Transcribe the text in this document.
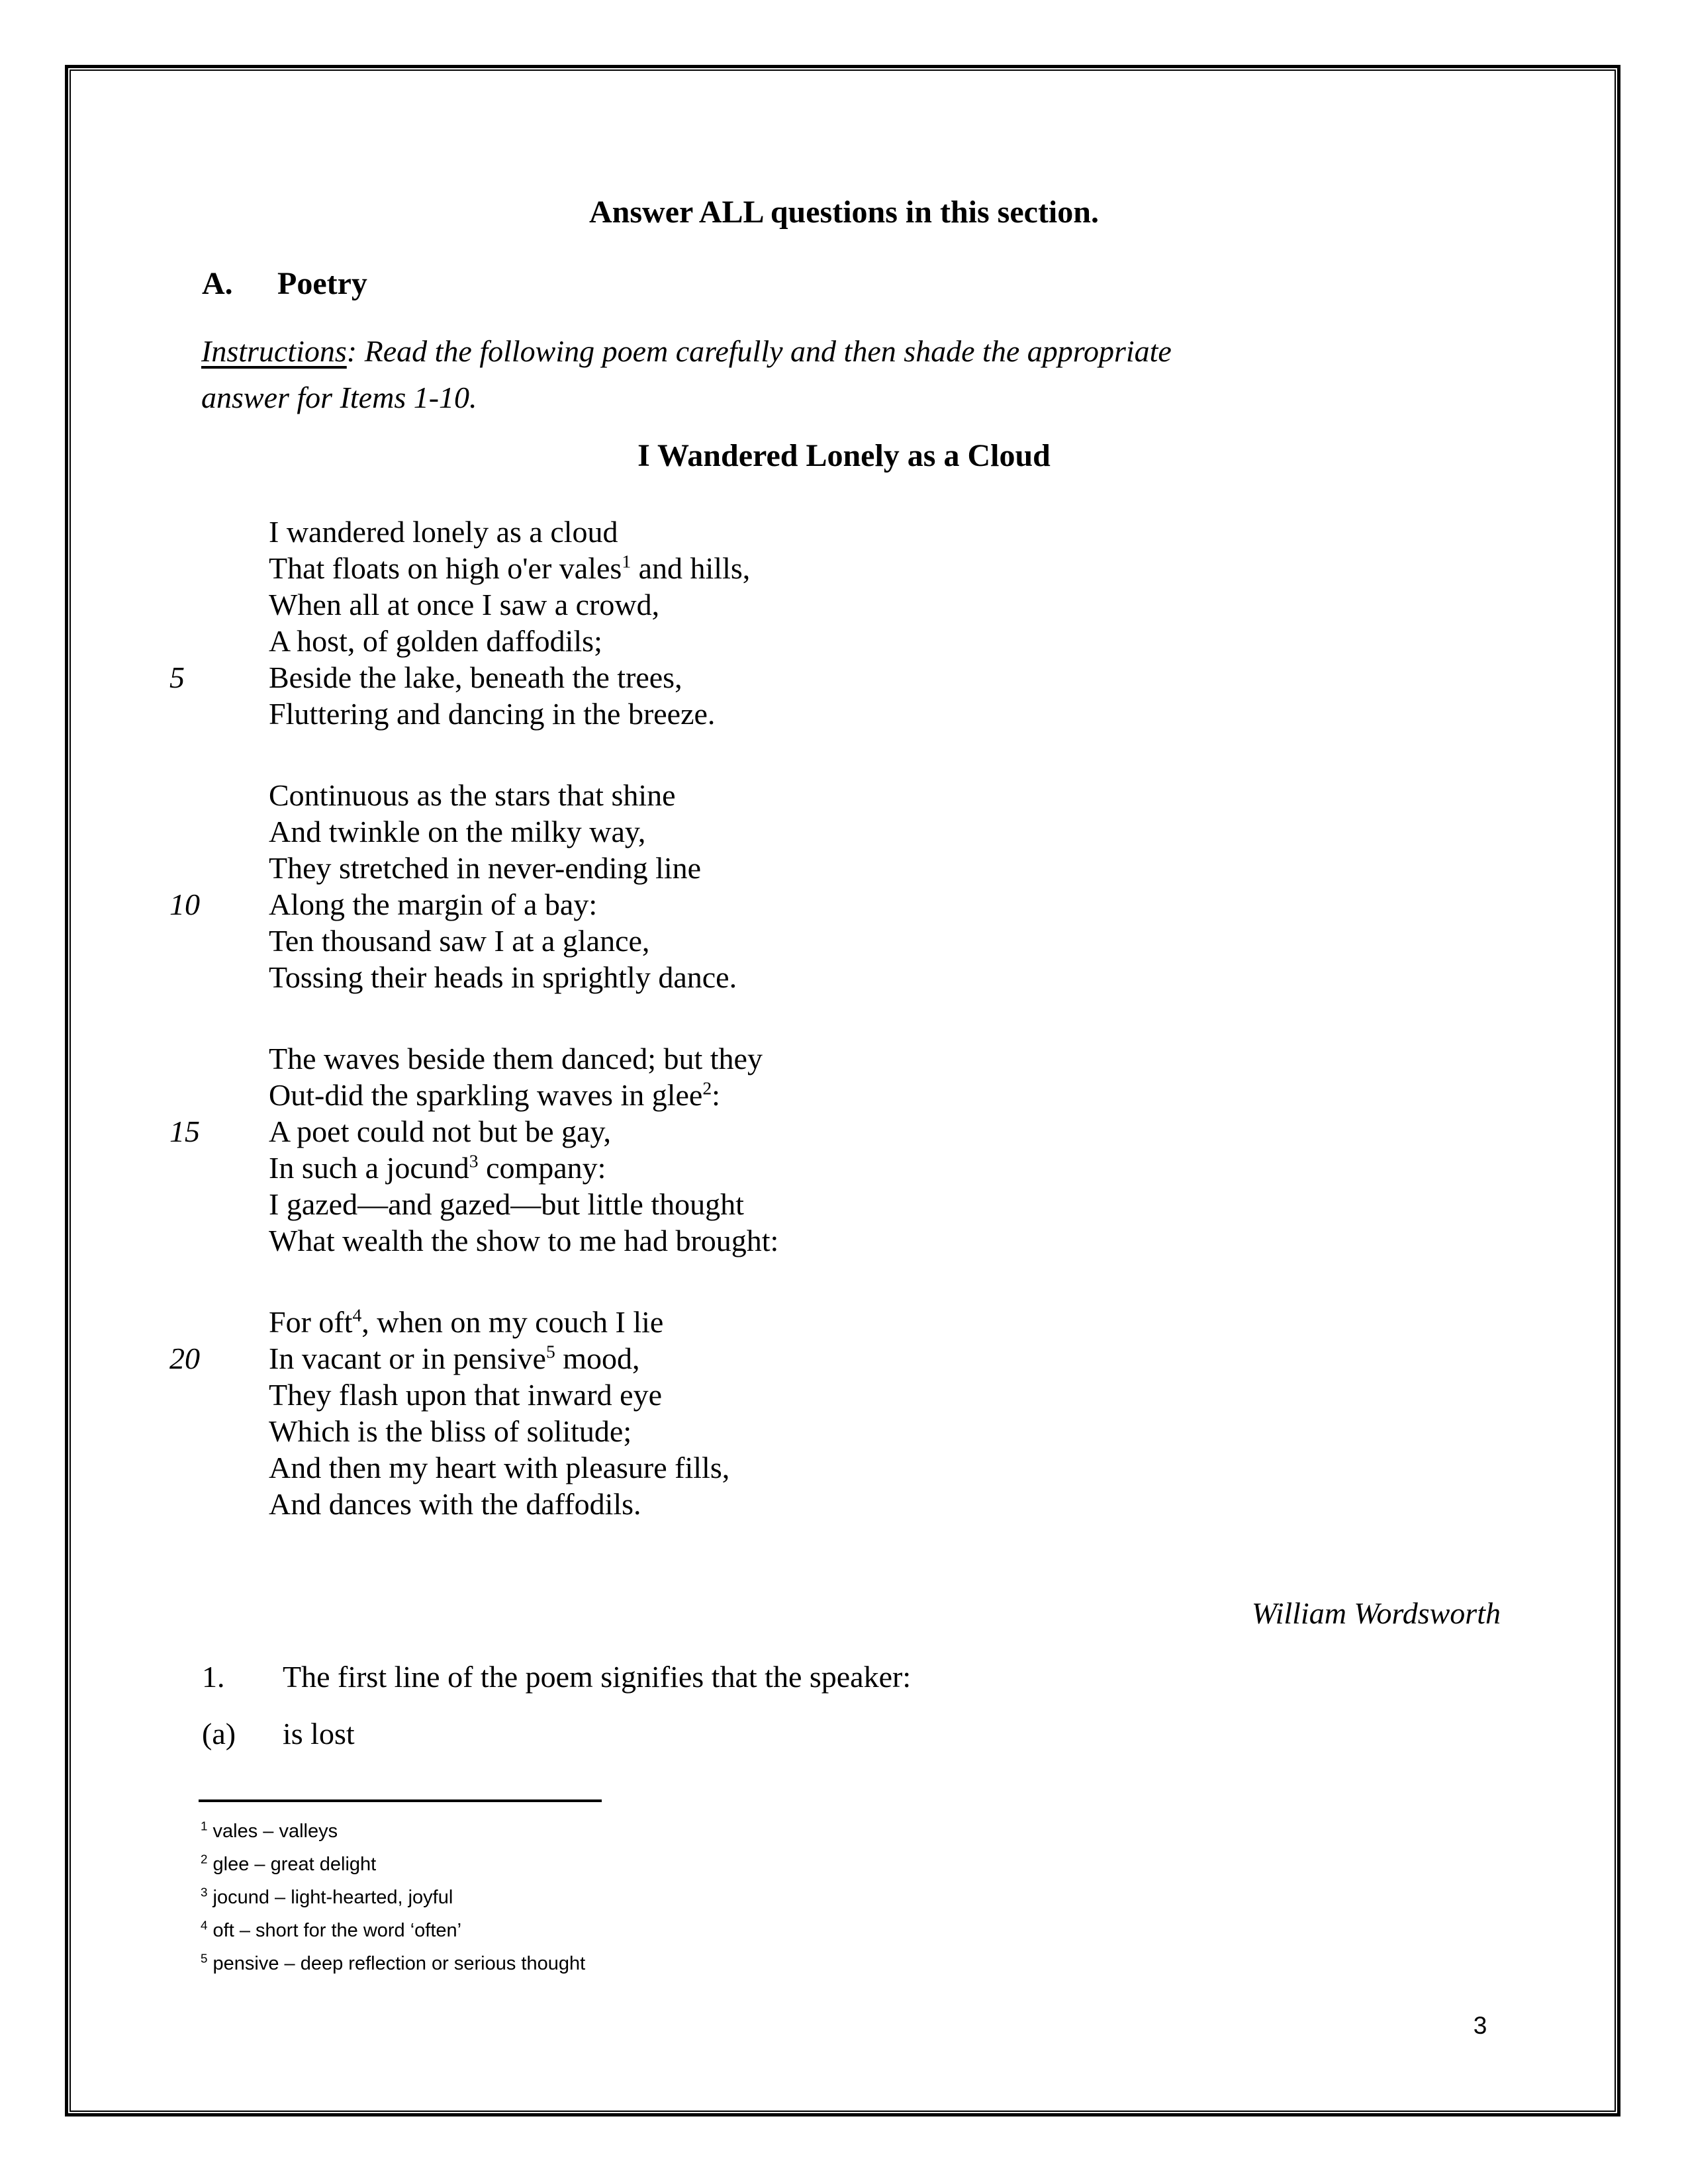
Answer ALL questions in this section.
A. Poetry
Instructions: Read the following poem carefully and then shade the appropriate
answer for Items 1-10.
I Wandered Lonely as a Cloud
I wandered lonely as a cloud
That floats on high o'er vales$^1$ and hills,
When all at once I saw a crowd,
A host, of golden daffodils;
5	Beside the lake, beneath the trees,
Fluttering and dancing in the breeze.
Continuous as the stars that shine
And twinkle on the milky way,
They stretched in never-ending line
10 Along the margin of a bay:
Ten thousand saw I at a glance,
Tossing their heads in sprightly dance.
The waves beside them danced; but they
Out-did the sparkling waves in glee$^2$:
15 A poet could not but be gay,
In such a jocund$^3$ company:
I gazed—and gazed—but little thought
What wealth the show to me had brought:
For oft$^4$, when on my couch I lie
20 In vacant or in pensive$^5$ mood,
They flash upon that inward eye
Which is the bliss of solitude;
And then my heart with pleasure fills,
And dances with the daffodils.
William Wordsworth
1. The first line of the poem signifies that the speaker:
(a) is lost
$^1$ vales – valleys
$^2$ glee – great delight
$^3$ jocund – light-hearted, joyful
$^4$ oft – short for the word ‘often’
$^5$ pensive – deep reflection or serious thought
3
